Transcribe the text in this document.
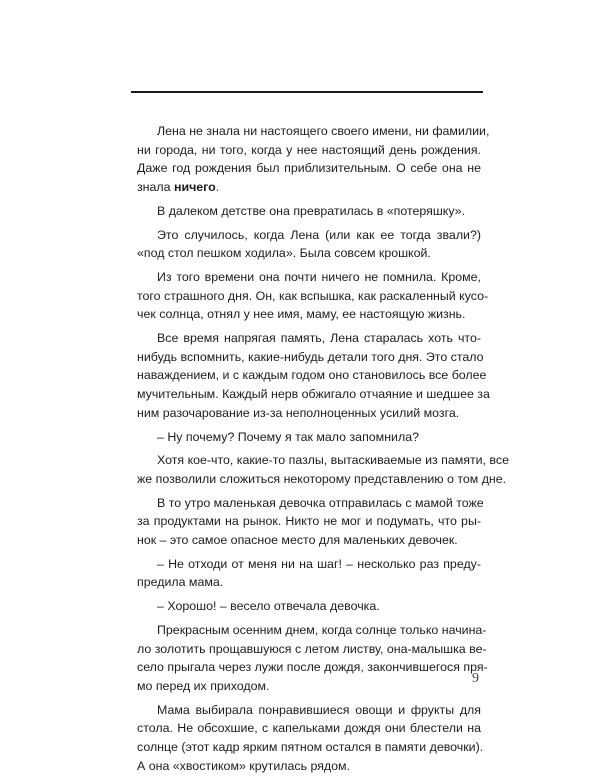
Лена не знала ни настоящего своего имени, ни фамилии,
ни города, ни того, когда у нее настоящий день рождения.
Даже год рождения был приблизительным. О себе она не
знала ничего.

В далеком детстве она превратилась в «потеряшку».

Это случилось, когда Лена (или как ее тогда звали?)
«под стол пешком ходила». Была совсем крошкой.

Из того времени она почти ничего не помнила. Кроме,
того страшного дня. Он, как вспышка, как раскаленный кусо-
чек солнца, отнял у нее имя, маму, ее настоящую жизнь.

Все время напрягая память, Лена старалась хоть что-
нибудь вспомнить, какие-нибудь детали того дня. Это стало
наваждением, и с каждым годом оно становилось все более
мучительным. Каждый нерв обжигало отчаяние и шедшее за
ним разочарование из-за неполноценных усилий мозга.

– Ну почему? Почему я так мало запомнила?

Хотя кое-что, какие-то пазлы, вытаскиваемые из памяти, все
же позволили сложиться некоторому представлению о том дне.

В то утро маленькая девочка отправилась с мамой тоже
за продуктами на рынок. Никто не мог и подумать, что ры-
нок – это самое опасное место для маленьких девочек.

– Не отходи от меня ни на шаг! – несколько раз преду-
предила мама.

– Хорошо! – весело отвечала девочка.

Прекрасным осенним днем, когда солнце только начина-
ло золотить прощавшуюся с летом листву, она-малышка ве-
село прыгала через лужи после дождя, закончившегося пря-
мо перед их приходом.

Мама выбирала понравившиеся овощи и фрукты для
стола. Не обсохшие, с капельками дождя они блестели на
солнце (этот кадр ярким пятном остался в памяти девочки).
А она «хвостиком» крутилась рядом.

9
